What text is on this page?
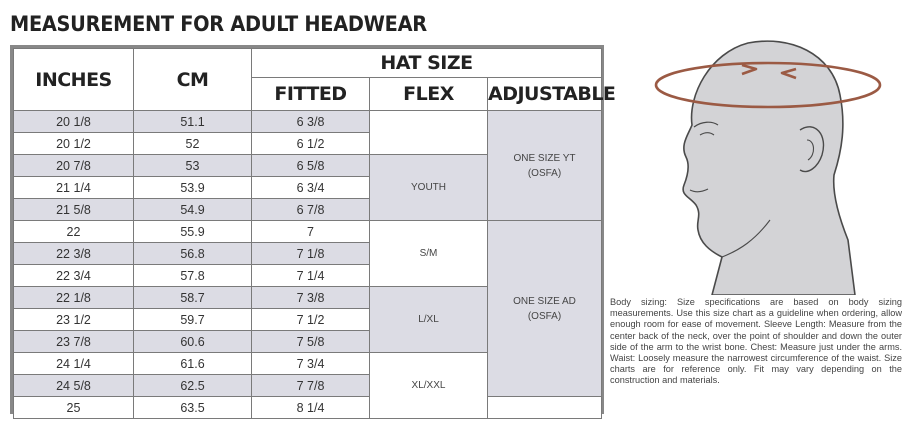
MEASUREMENT FOR ADULT HEADWEAR
INCHES	CM	HAT SIZE		
		FITTED	FLEX	ADJUSTABLE
20 1/8	51.1	6 3/8		ONE SIZE YT
(OSFA)
20 1/2	52	6 1/2		
20 7/8	53	6 5/8	YOUTH	
21 1/4	53.9	6 3/4		
21 5/8	54.9	6 7/8		
22	55.9	7	S/M	ONE SIZE AD
(OSFA)
22 3/8	56.8	7 1/8		
22 3/4	57.8	7 1/4		
22 1/8	58.7	7 3/8	L/XL	
23 1/2	59.7	7 1/2		
23 7/8	60.6	7 5/8		
24 1/4	61.6	7 3/4	XL/XXL	
24 5/8	62.5	7 7/8		
25	63.5	8 1/4		
Body sizing: Size specifications are based on body sizing measurements. Use this size chart as a guideline when ordering, allow enough room for ease of movement. Sleeve Length: Measure from the center back of the neck, over the point of shoulder and down the outer side of the arm to the wrist bone. Chest: Measure just under the arms. Waist: Loosely measure the narrowest circumference of the waist. Size charts are for reference only. Fit may vary depending on the construction and materials.
